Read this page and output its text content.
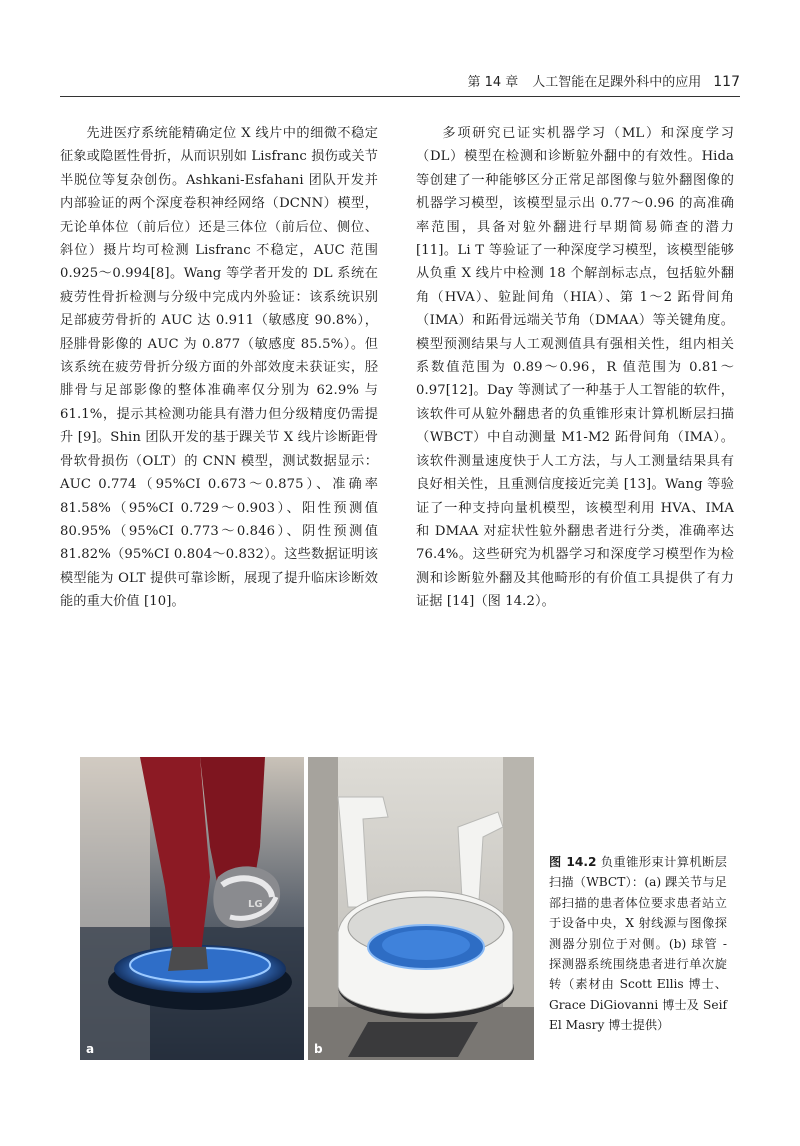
第 14 章 人工智能在足踝外科中的应用 117

先进医疗系统能精确定位 X 线片中的细微不稳定征象或隐匿性骨折，从而识别如 Lisfranc 损伤或关节半脱位等复杂创伤。Ashkani-Esfahani 团队开发并内部验证的两个深度卷积神经网络（DCNN）模型，无论单体位（前后位）还是三体位（前后位、侧位、斜位）摄片均可检测 Lisfranc 不稳定，AUC 范围 0.925～0.994[8]。Wang 等学者开发的 DL 系统在疲劳性骨折检测与分级中完成内外验证：该系统识别足部疲劳骨折的 AUC 达 0.911（敏感度 90.8%），胫腓骨影像的 AUC 为 0.877（敏感度 85.5%）。但该系统在疲劳骨折分级方面的外部效度未获证实，胫腓骨与足部影像的整体准确率仅分别为 62.9% 与 61.1%，提示其检测功能具有潜力但分级精度仍需提升 [9]。Shin 团队开发的基于踝关节 X 线片诊断距骨骨软骨损伤（OLT）的 CNN 模型，测试数据显示：AUC 0.774（95%CI 0.673～0.875）、准确率 81.58%（95%CI 0.729～0.903）、阳性预测值 80.95%（95%CI 0.773～0.846）、阴性预测值 81.82%（95%CI 0.804～0.832）。这些数据证明该模型能为 OLT 提供可靠诊断，展现了提升临床诊断效能的重大价值 [10]。

多项研究已证实机器学习（ML）和深度学习（DL）模型在检测和诊断䠴外翻中的有效性。Hida 等创建了一种能够区分正常足部图像与䠴外翻图像的机器学习模型，该模型显示出 0.77～0.96 的高准确率范围，具备对䠴外翻进行早期简易筛查的潜力 [11]。Li T 等验证了一种深度学习模型，该模型能够从负重 X 线片中检测 18 个解剖标志点，包括䠴外翻角（HVA）、䠴趾间角（HIA）、第 1～2 跖骨间角（IMA）和跖骨远端关节角（DMAA）等关键角度。模型预测结果与人工观测值具有强相关性，组内相关系数值范围为 0.89～0.96，R 值范围为 0.81～0.97[12]。Day 等测试了一种基于人工智能的软件，该软件可从䠴外翻患者的负重锥形束计算机断层扫描（WBCT）中自动测量 M1-M2 跖骨间角（IMA）。该软件测量速度快于人工方法，与人工测量结果具有良好相关性，且重测信度接近完美 [13]。Wang 等验证了一种支持向量机模型，该模型利用 HVA、IMA 和 DMAA 对症状性䠴外翻患者进行分类，准确率达 76.4%。这些研究为机器学习和深度学习模型作为检测和诊断䠴外翻及其他畸形的有价值工具提供了有力证据 [14]（图 14.2）。

LG
a	b
图 14.2 负重锥形束计算机断层扫描（WBCT）：(a) 踝关节与足部扫描的患者体位要求患者站立于设备中央，X 射线源与图像探测器分别位于对侧。(b) 球管 - 探测器系统围绕患者进行单次旋转（素材由 Scott Ellis 博士、Grace DiGiovanni 博士及 Seif El Masry 博士提供）
